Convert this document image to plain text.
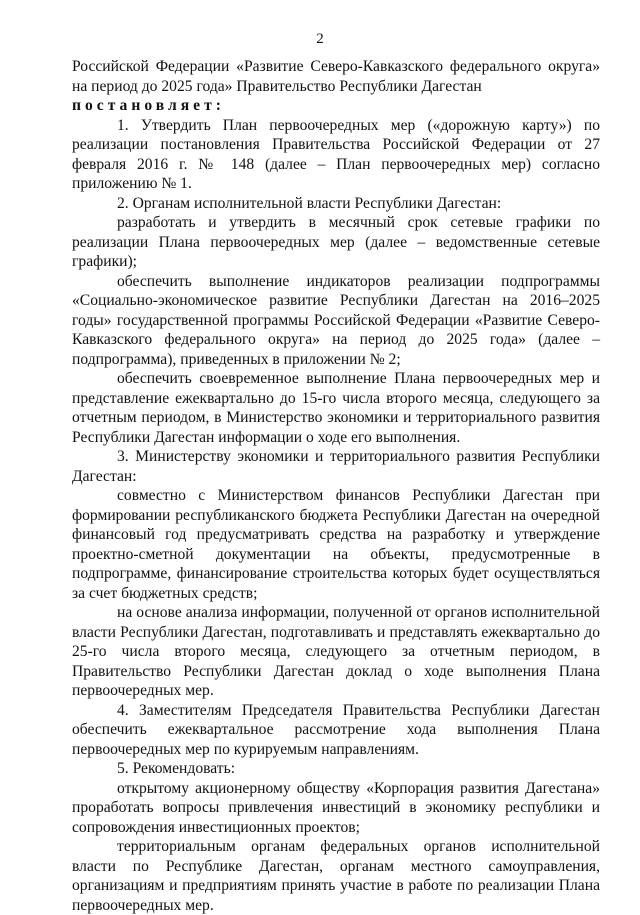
2

Российской Федерации «Развитие Северо-Кавказского федерального округа» на период до 2025 года» Правительство Республики Дагестан

постановляет:

1. Утвердить План первоочередных мер («дорожную карту») по реализации постановления Правительства Российской Федерации от 27 февраля 2016 г. № 148 (далее – План первоочередных мер) согласно приложению № 1.

2. Органам исполнительной власти Республики Дагестан:

разработать и утвердить в месячный срок сетевые графики по реализации Плана первоочередных мер (далее – ведомственные сетевые графики);

обеспечить выполнение индикаторов реализации подпрограммы «Социально-экономическое развитие Республики Дагестан на 2016–2025 годы» государственной программы Российской Федерации «Развитие Северо-Кавказского федерального округа» на период до 2025 года» (далее – подпрограмма), приведенных в приложении № 2;

обеспечить своевременное выполнение Плана первоочередных мер и представление ежеквартально до 15-го числа второго месяца, следующего за отчетным периодом, в Министерство экономики и территориального развития Республики Дагестан информации о ходе его выполнения.

3. Министерству экономики и территориального развития Республики Дагестан:

совместно с Министерством финансов Республики Дагестан при формировании республиканского бюджета Республики Дагестан на очередной финансовый год предусматривать средства на разработку и утверждение проектно-сметной документации на объекты, предусмотренные в подпрограмме, финансирование строительства которых будет осуществляться за счет бюджетных средств;

на основе анализа информации, полученной от органов исполнительной власти Республики Дагестан, подготавливать и представлять ежеквартально до 25-го числа второго месяца, следующего за отчетным периодом, в Правительство Республики Дагестан доклад о ходе выполнения Плана первоочередных мер.

4. Заместителям Председателя Правительства Республики Дагестан обеспечить ежеквартальное рассмотрение хода выполнения Плана первоочередных мер по курируемым направлениям.

5. Рекомендовать:

открытому акционерному обществу «Корпорация развития Дагестана» проработать вопросы привлечения инвестиций в экономику республики и сопровождения инвестиционных проектов;

территориальным органам федеральных органов исполнительной власти по Республике Дагестан, органам местного самоуправления, организациям и предприятиям принять участие в работе по реализации Плана первоочередных мер.
